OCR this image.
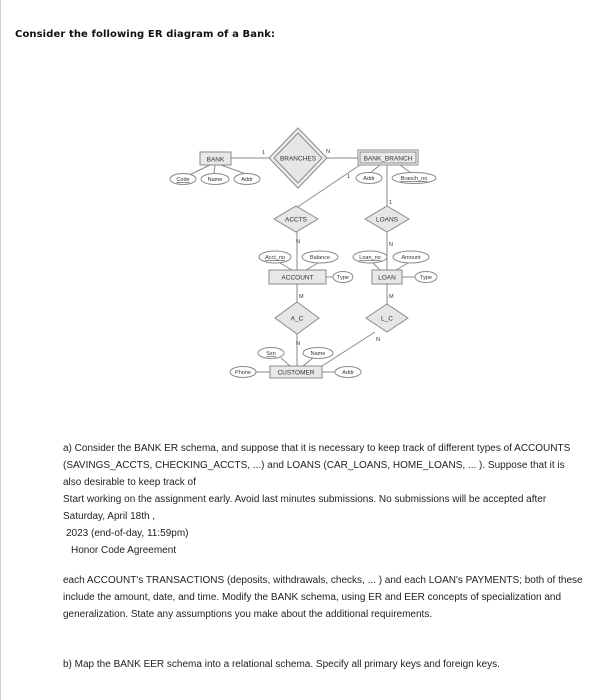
Consider the following ER diagram of a Bank:
BANK	BANK_BRANCH
ACCOUNT	LOAN
CUSTOMER
BRANCHES
ACCTS	LOANS
A_C	L_C
Code	Name	Addr	Addr	Branch_no
Acct_no	Balance
Type
Loan_no	Amount
Type
Ssn	Name
Phone	Addr
1	N
1
N
1
N
M
N
M
N

a) Consider the BANK ER schema, and suppose that it is necessary to keep track of different types of ACCOUNTS

(SAVINGS_ACCTS, CHECKING_ACCTS, ...) and LOANS (CAR_LOANS, HOME_LOANS, ... ). Suppose that it is

also desirable to keep track of

Start working on the assignment early. Avoid last minutes submissions. No submissions will be accepted after

Saturday, April 18th ,

2023 (end-of-day, 11:59pm)

Honor Code Agreement

each ACCOUNT's TRANSACTIONS (deposits, withdrawals, checks, ... ) and each LOAN's PAYMENTS; both of these

include the amount, date, and time. Modify the BANK schema, using ER and EER concepts of specialization and

generalization. State any assumptions you make about the additional requirements.

b) Map the BANK EER schema into a relational schema. Specify all primary keys and foreign keys.
